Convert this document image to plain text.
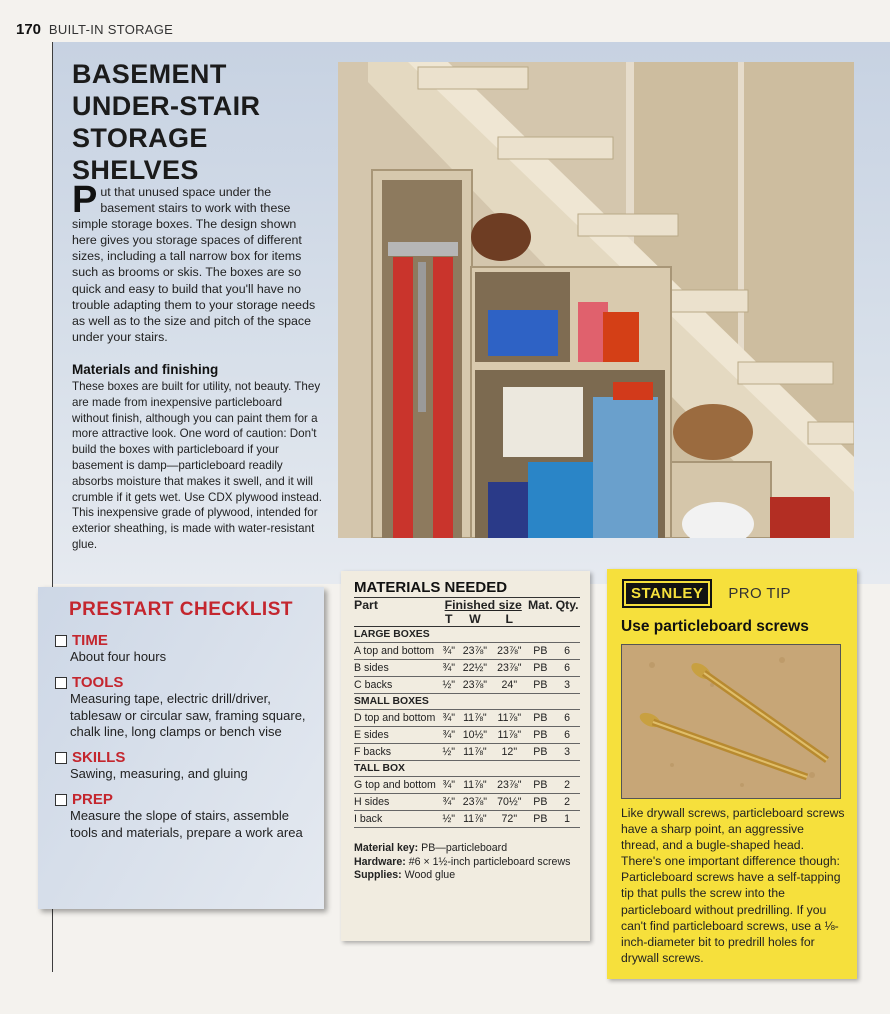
170 BUILT-IN STORAGE
BASEMENT UNDER-STAIR STORAGE SHELVES

Put that unused space under the basement stairs to work with these simple storage boxes. The design shown here gives you storage spaces of different sizes, including a tall narrow box for items such as brooms or skis. The boxes are so quick and easy to build that you'll have no trouble adapting them to your storage needs as well as to the size and pitch of the space under your stairs.

Materials and finishing

These boxes are built for utility, not beauty. They are made from inexpensive particleboard without finish, although you can paint them for a more attractive look. One word of caution: Don't build the boxes with particleboard if your basement is damp—particleboard readily absorbs moisture that makes it swell, and it will crumble if it gets wet. Use CDX plywood instead. This inexpensive grade of plywood, intended for exterior sheathing, is made with water-resistant glue.

PRESTART CHECKLIST
TIME
About four hours
TOOLS
Measuring tape, electric drill/driver, tablesaw or circular saw, framing square, chalk line, long clamps or bench vise
SKILLS
Sawing, measuring, and gluing
PREP
Measure the slope of stairs, assemble tools and materials, prepare a work area
MATERIALS NEEDED
Part	Finished size			Mat.	Qty.
	T	W	L		
LARGE BOXES					
A top and bottom	¾"	23⅞"	23⅞"	PB	6
B sides	¾"	22½"	23⅞"	PB	6
C backs	½"	23⅞"	24"	PB	3
SMALL BOXES					
D top and bottom	¾"	11⅞"	11⅞"	PB	6
E sides	¾"	10½"	11⅞"	PB	6
F backs	½"	11⅞"	12"	PB	3
TALL BOX					
G top and bottom	¾"	11⅞"	23⅞"	PB	2
H sides	¾"	23⅞"	70½"	PB	2
I back	½"	11⅞"	72"	PB	1
Material key: PB—particleboard
Hardware: #6 × 1½-inch particleboard screws
Supplies: Wood glue
STANLEY	PRO TIP
Use particleboard screws

Like drywall screws, particleboard screws have a sharp point, an aggressive thread, and a bugle-shaped head. There's one important difference though: Particleboard screws have a self-tapping tip that pulls the screw into the particleboard without predrilling. If you can't find particleboard screws, use a ⅛-inch-diameter bit to predrill holes for drywall screws.
